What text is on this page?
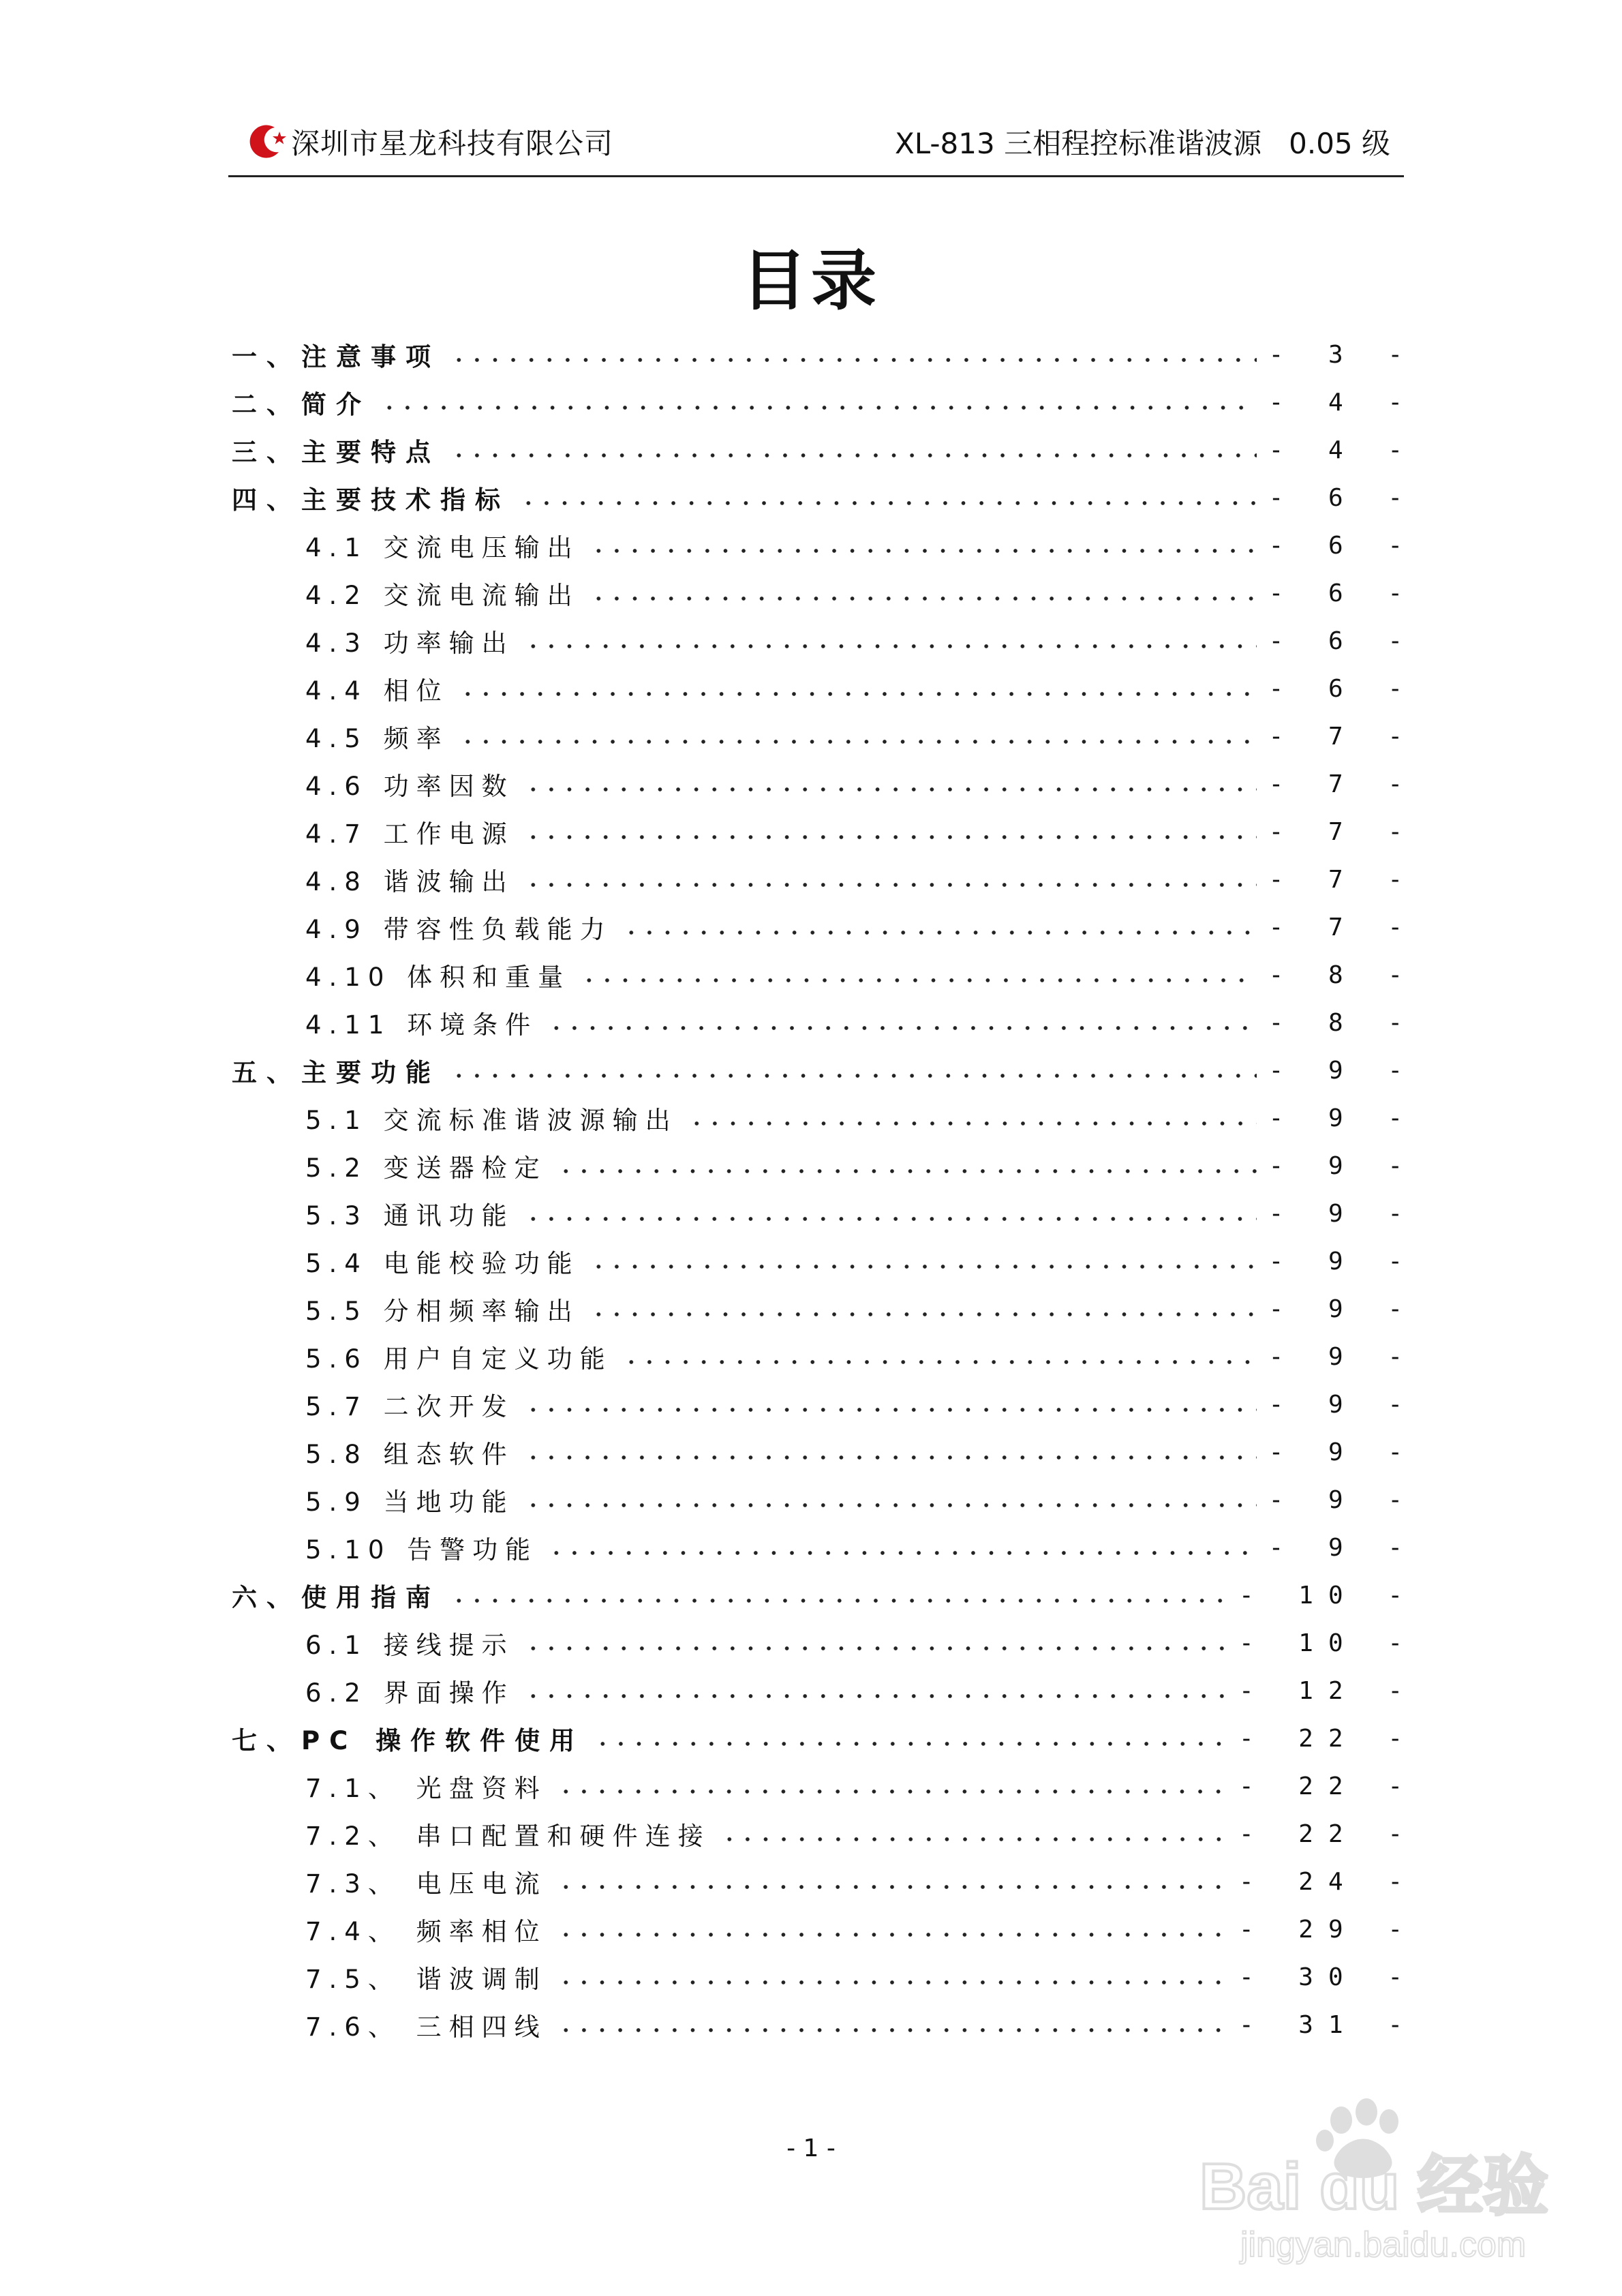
深圳市星龙科技有限公司	XL-813 三相程控标准谐波源   0.05 级
目录
一、注意事项	- 3 -
二、简介	- 4 -
三、主要特点	- 4 -
四、主要技术指标	- 6 -
4.1 交流电压输出	- 6 -
4.2 交流电流输出	- 6 -
4.3 功率输出	- 6 -
4.4 相位	- 6 -
4.5 频率	- 7 -
4.6 功率因数	- 7 -
4.7 工作电源	- 7 -
4.8 谐波输出	- 7 -
4.9 带容性负载能力	- 7 -
4.10 体积和重量	- 8 -
4.11 环境条件	- 8 -
五、主要功能	- 9 -
5.1 交流标准谐波源输出	- 9 -
5.2 变送器检定	- 9 -
5.3 通讯功能	- 9 -
5.4 电能校验功能	- 9 -
5.5 分相频率输出	- 9 -
5.6 用户自定义功能	- 9 -
5.7 二次开发	- 9 -
5.8 组态软件	- 9 -
5.9 当地功能	- 9 -
5.10 告警功能	- 9 -
六、使用指南	- 10 -
6.1 接线提示	- 10 -
6.2 界面操作	- 12 -
七、PC 操作软件使用	- 22 -
7.1、 光盘资料	- 22 -
7.2、 串口配置和硬件连接	- 22 -
7.3、 电压电流	- 24 -
7.4、 频率相位	- 29 -
7.5、 谐波调制	- 30 -
7.6、 三相四线	- 31 -
- 1 -
Bai du 经验
jingyan.baidu.com
